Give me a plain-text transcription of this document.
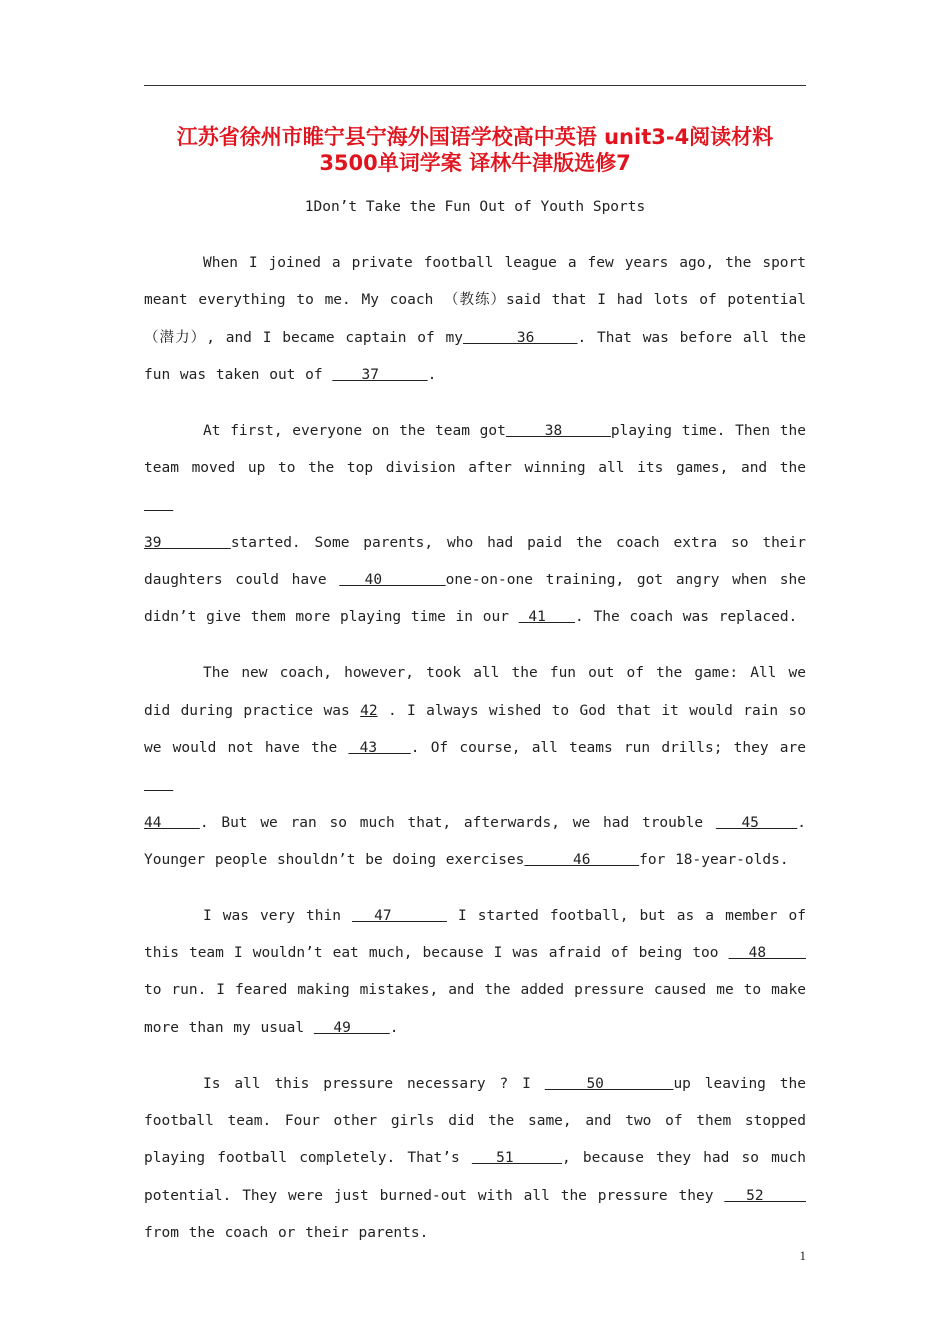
江苏省徐州市睢宁县宁海外国语学校高中英语 unit3-4阅读材料
3500单词学案 译林牛津版选修7
1Don’t Take the Fun Out of Youth Sports

When I joined a private football league a few years ago, the sport meant everything to me. My coach （教练）said that I had lots of potential （潜力）, and I became captain of my     36    . That was before all the fun was taken out of    37     .

At first, everyone on the team got    38     playing time. Then the team moved up to the top division after winning all its games, and the
39	started. Some parents, who had paid the coach extra so their daughters could have   40     one-on-one training, got angry when she didn’t give them more playing time in our  41   . The coach was replaced.

The new coach, however, took all the fun out of the game: All we did during practice was 42 . I always wished to God that it would rain so we would not have the  43   . Of course, all teams run drills; they are
44	. But we ran so much that, afterwards, we had trouble   45   . Younger people shouldn’t be doing exercises     46     for 18-year-olds.

I was very thin   47      I started football, but as a member of this team I wouldn’t eat much, because I was afraid of being too   48     to run. I feared making mistakes, and the added pressure caused me to make more than my usual   49    .

Is all this pressure necessary ? I    50     up leaving the football team. Four other girls did the same, and two of them stopped playing football completely. That’s   51    , because they had so much potential. They were just burned-out with all the pressure they   52     from the coach or their parents.

1
